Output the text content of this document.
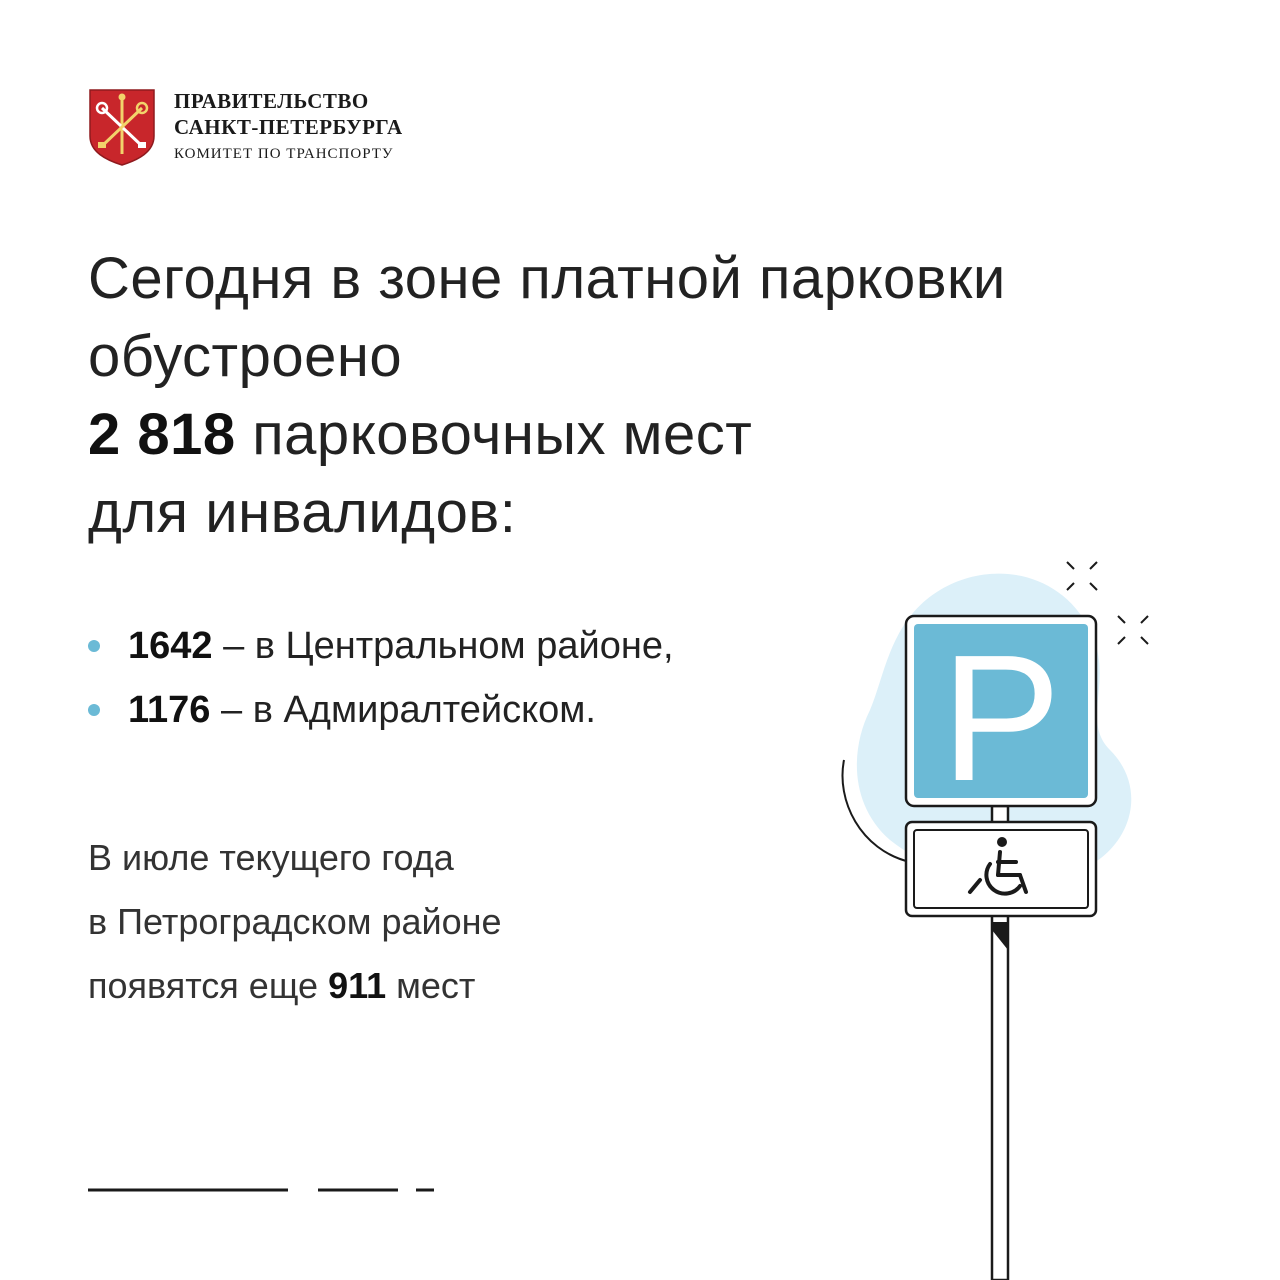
ПРАВИТЕЛЬСТВО
САНКТ-ПЕТЕРБУРГА
КОМИТЕТ ПО ТРАНСПОРТУ
Сегодня в зоне платной парковки
обустроено
2 818 парковочных мест
для инвалидов:
1642 – в Центральном районе,
1176 – в Адмиралтейском.
В июле текущего года
в Петроградском районе
появятся еще 911 мест
P
